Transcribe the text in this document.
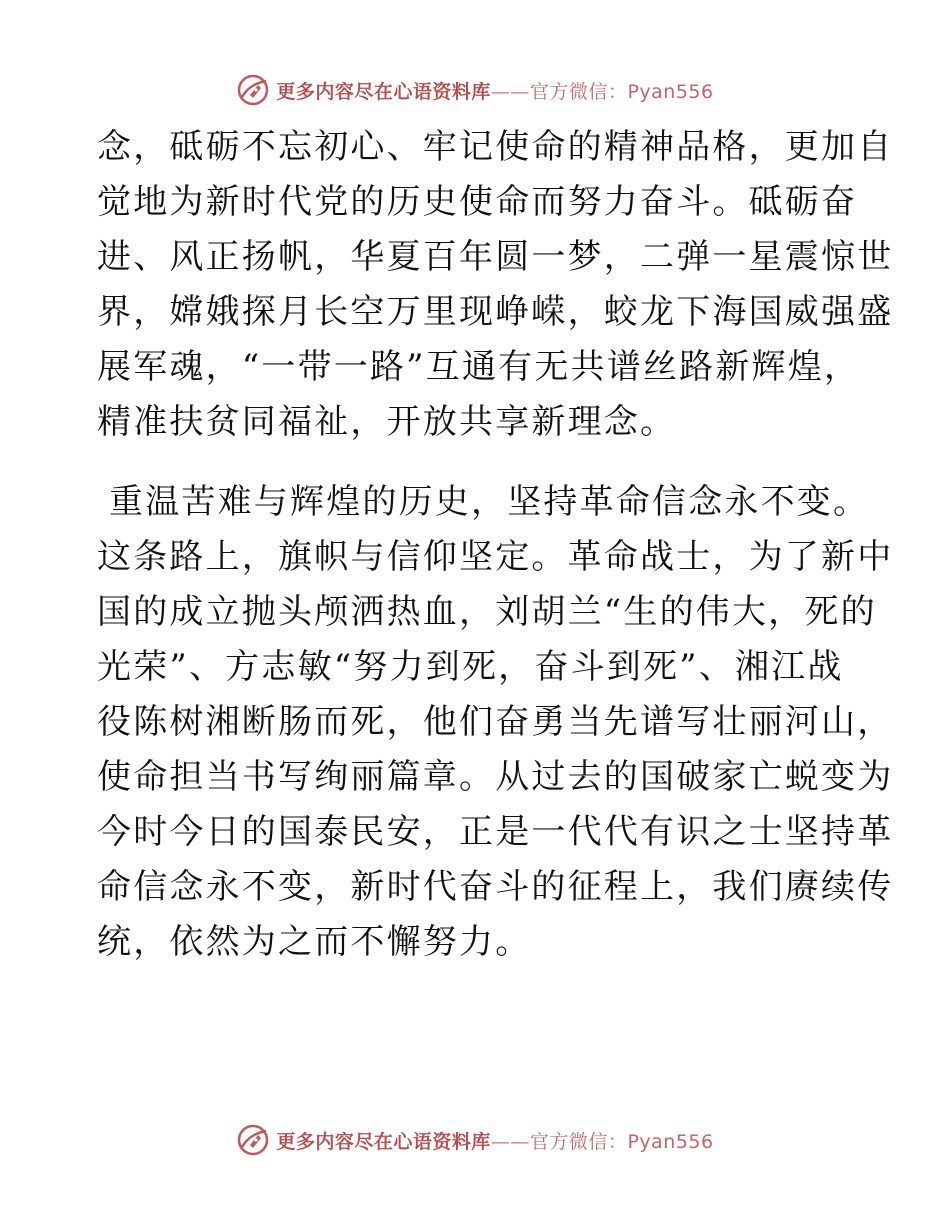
更多内容尽在心语资料库——官方微信：Pyan556
念，砥砺不忘初心、牢记使命的精神品格，更加自
觉地为新时代党的历史使命而努力奋斗。砥砺奋
进、风正扬帆，华夏百年圆一梦，二弹一星震惊世
界，嫦娥探月长空万里现峥嵘，蛟龙下海国威强盛
展军魂，“一带一路”互通有无共谱丝路新辉煌，
精准扶贫同福祉，开放共享新理念。
重温苦难与辉煌的历史，坚持革命信念永不变。
这条路上，旗帜与信仰坚定。革命战士，为了新中
国的成立抛头颅洒热血，刘胡兰“生的伟大，死的
光荣”、方志敏“努力到死，奋斗到死”、湘江战
役陈树湘断肠而死，他们奋勇当先谱写壮丽河山，
使命担当书写绚丽篇章。从过去的国破家亡蜕变为
今时今日的国泰民安，正是一代代有识之士坚持革
命信念永不变，新时代奋斗的征程上，我们赓续传
统，依然为之而不懈努力。
更多内容尽在心语资料库——官方微信：Pyan556
